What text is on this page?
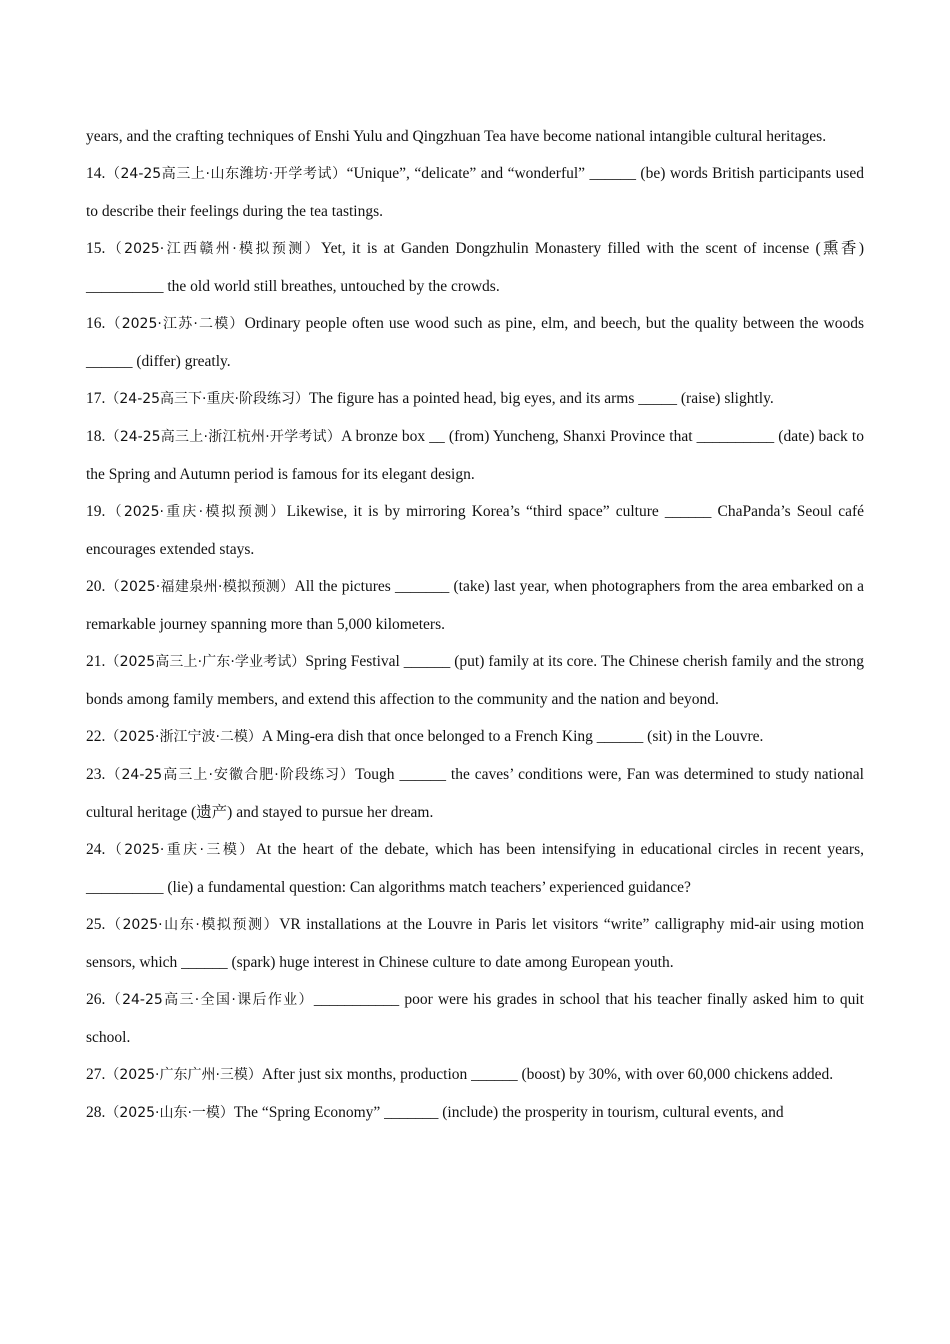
years, and the crafting techniques of Enshi Yulu and Qingzhuan Tea have become national intangible cultural heritages.

14.（24-25高三上·山东潍坊·开学考试）“Unique”, “delicate” and “wonderful” ______ (be) words British participants used to describe their feelings during the tea tastings.

15.（2025·江西赣州·模拟预测）Yet, it is at Ganden Dongzhulin Monastery filled with the scent of incense (熏香) __________ the old world still breathes, untouched by the crowds.

16.（2025·江苏·二模）Ordinary people often use wood such as pine, elm, and beech, but the quality between the woods ______ (differ) greatly.

17.（24-25高三下·重庆·阶段练习）The figure has a pointed head, big eyes, and its arms _____ (raise) slightly.

18.（24-25高三上·浙江杭州·开学考试）A bronze box __ (from) Yuncheng, Shanxi Province that __________ (date) back to the Spring and Autumn period is famous for its elegant design.

19.（2025·重庆·模拟预测）Likewise, it is by mirroring Korea’s “third space” culture ______ ChaPanda’s Seoul café encourages extended stays.

20.（2025·福建泉州·模拟预测）All the pictures _______ (take) last year, when photographers from the area embarked on a remarkable journey spanning more than 5,000 kilometers.

21.（2025高三上·广东·学业考试）Spring Festival ______ (put) family at its core. The Chinese cherish family and the strong bonds among family members, and extend this affection to the community and the nation and beyond.

22.（2025·浙江宁波·二模）A Ming-era dish that once belonged to a French King ______ (sit) in the Louvre.

23.（24-25高三上·安徽合肥·阶段练习）Tough ______ the caves’ conditions were, Fan was determined to study national cultural heritage (遗产) and stayed to pursue her dream.

24.（2025·重庆·三模）At the heart of the debate, which has been intensifying in educational circles in recent years, __________ (lie) a fundamental question: Can algorithms match teachers’ experienced guidance?

25.（2025·山东·模拟预测）VR installations at the Louvre in Paris let visitors “write” calligraphy mid-air using motion sensors, which ______ (spark) huge interest in Chinese culture to date among European youth.

26.（24-25高三·全国·课后作业）___________ poor were his grades in school that his teacher finally asked him to quit school.

27.（2025·广东广州·三模）After just six months, production ______ (boost) by 30%, with over 60,000 chickens added.

28.（2025·山东·一模）The “Spring Economy” _______ (include) the prosperity in tourism, cultural events, and
